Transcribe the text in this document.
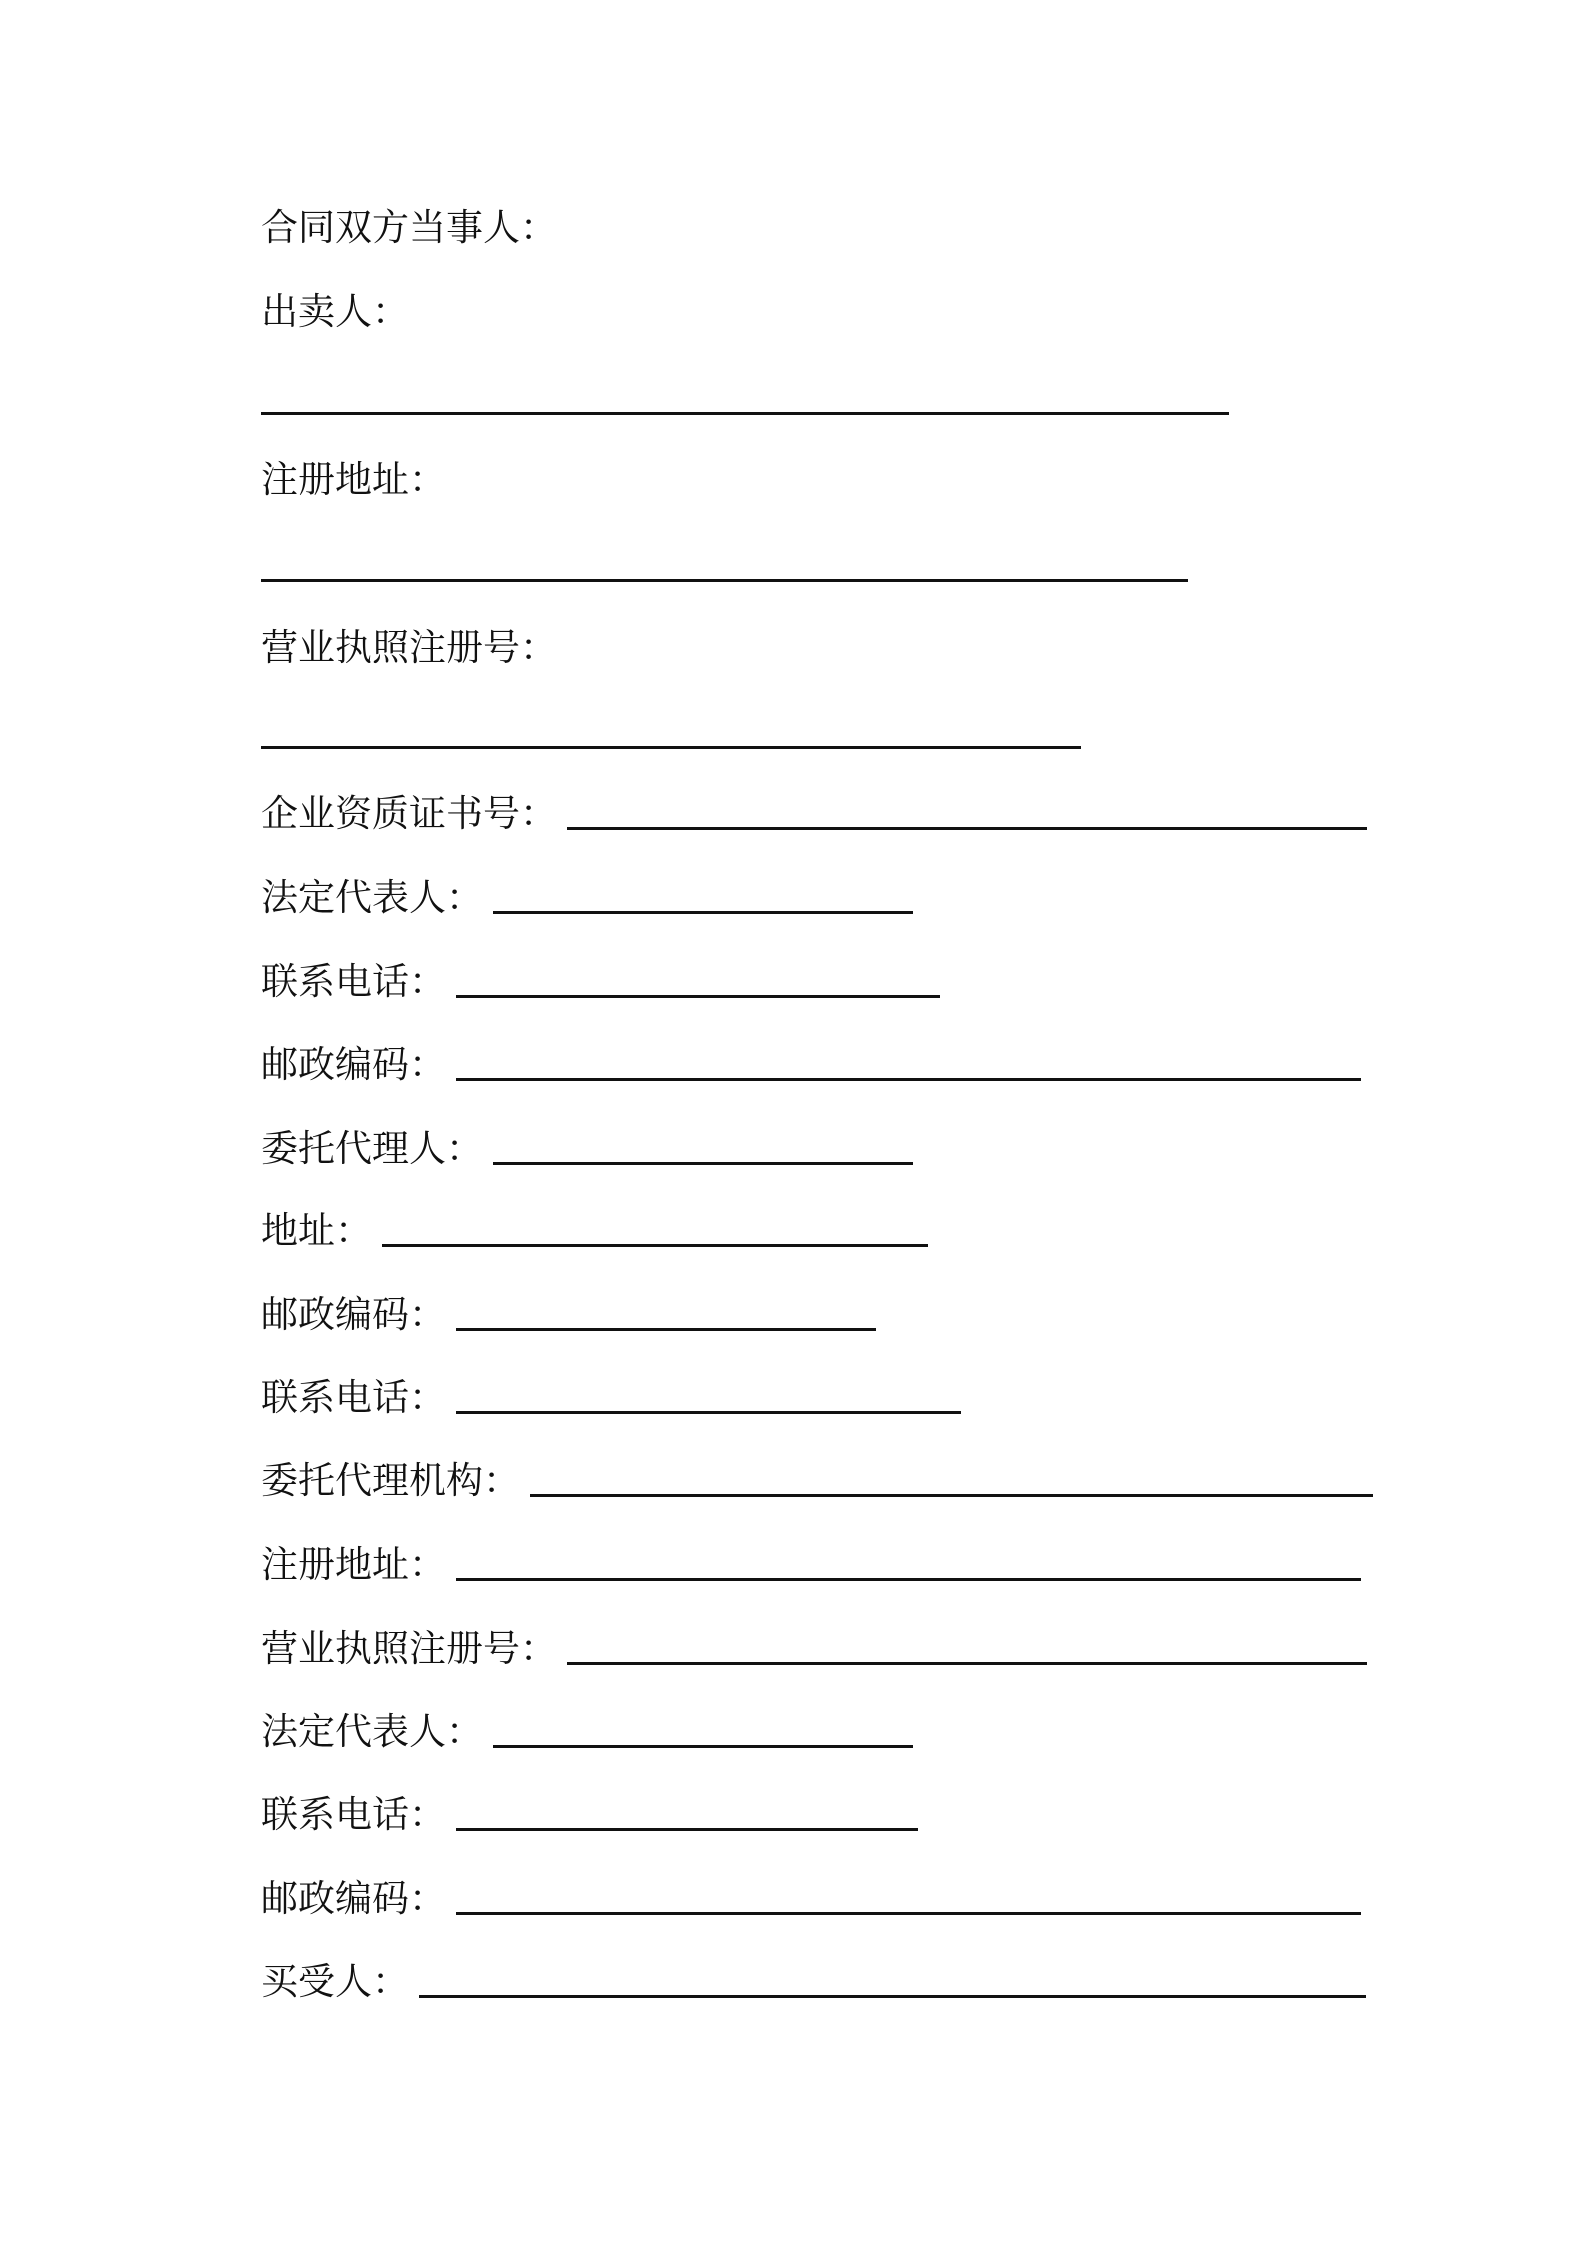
合同双方当事人：
出卖人：
注册地址：
营业执照注册号：
企业资质证书号：
法定代表人：
联系电话：
邮政编码：
委托代理人：
地址：
邮政编码：
联系电话：
委托代理机构：
注册地址：
营业执照注册号：
法定代表人：
联系电话：
邮政编码：
买受人：
